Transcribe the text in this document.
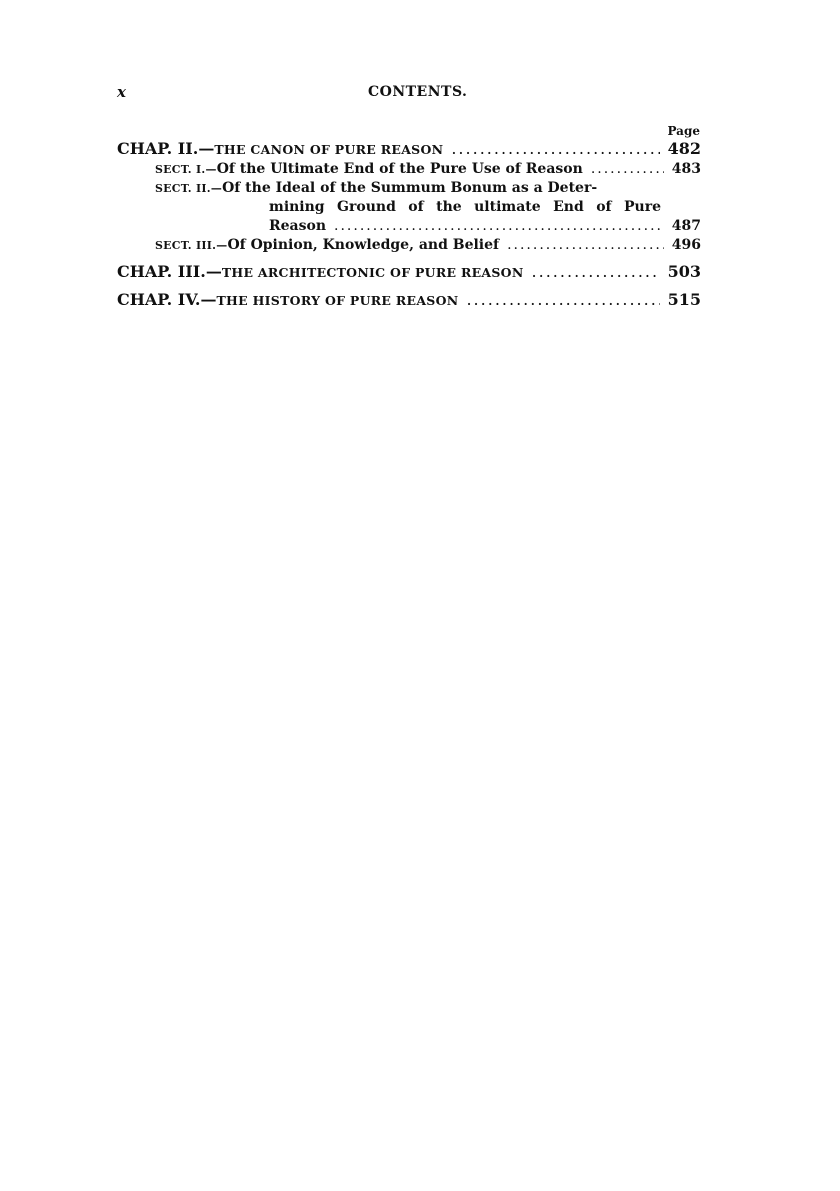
x	CONTENTS.
Page
CHAP. II.—THE CANON OF PURE REASON .....	482
SECT. I.—Of the Ultimate End of the Pure Use of Reason .....	483
SECT. II.—Of the Ideal of the Summum Bonum as a Deter-
mining Ground of the ultimate End of Pure
Reason .....	487
SECT. III.—Of Opinion, Knowledge, and Belief .....	496
CHAP. III.—THE ARCHITECTONIC OF PURE REASON .....	503
CHAP. IV.—THE HISTORY OF PURE REASON .....	515
